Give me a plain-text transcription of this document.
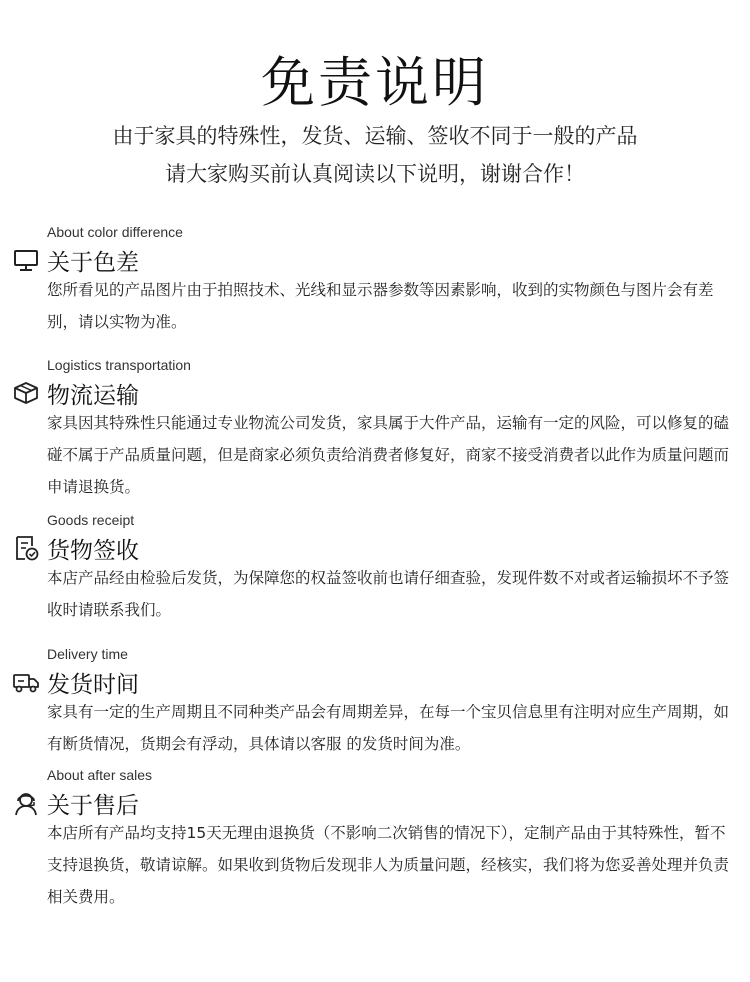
免责说明
由于家具的特殊性，发货、运输、签收不同于一般的产品
请大家购买前认真阅读以下说明，谢谢合作！
About color difference
关于色差
您所看见的产品图片由于拍照技术、光线和显示器参数等因素影响，收到的实物颜色与图片会有差别，请以实物为准。
Logistics transportation
物流运输
家具因其特殊性只能通过专业物流公司发货，家具属于大件产品，运输有一定的风险，可以修复的磕碰不属于产品质量问题，但是商家必须负责给消费者修复好，商家不接受消费者以此作为质量问题而申请退换货。
Goods receipt
货物签收
本店产品经由检验后发货，为保障您的权益签收前也请仔细查验，发现件数不对或者运输损坏不予签收时请联系我们。
Delivery time
发货时间
家具有一定的生产周期且不同种类产品会有周期差异，在每一个宝贝信息里有注明对应生产周期，如有断货情况，货期会有浮动，具体请以客服 的发货时间为准。
About after sales
关于售后
本店所有产品均支持15天无理由退换货（不影响二次销售的情况下），定制产品由于其特殊性，暂不支持退换货，敬请谅解。如果收到货物后发现非人为质量问题，经核实，我们将为您妥善处理并负责相关费用。
